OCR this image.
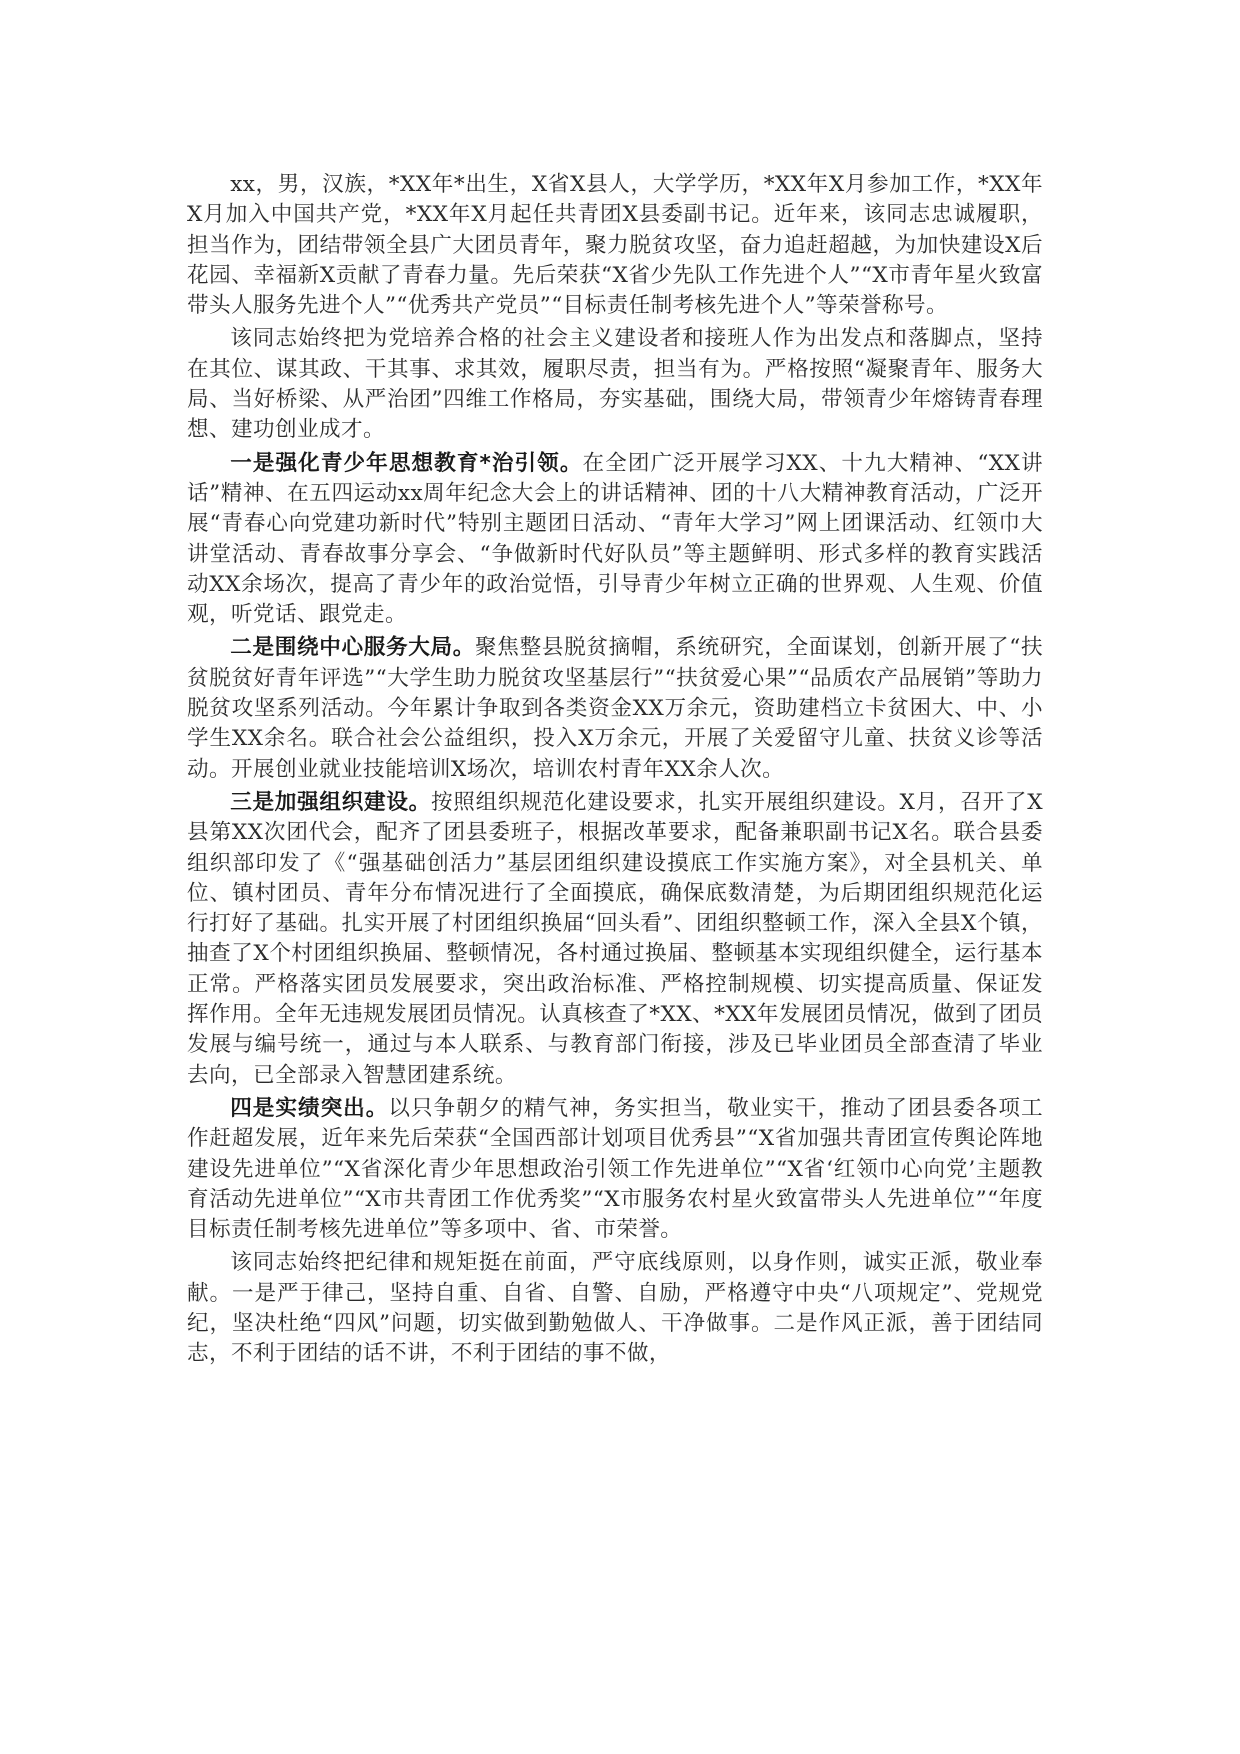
xx，男，汉族，*XX年*出生，X省X县人，大学学历，*XX年X月参加工作，*XX年X月加入中国共产党，*XX年X月起任共青团X县委副书记。近年来，该同志忠诚履职，担当作为，团结带领全县广大团员青年，聚力脱贫攻坚，奋力追赶超越，为加快建设X后花园、幸福新X贡献了青春力量。先后荣获“X省少先队工作先进个人”“X市青年星火致富带头人服务先进个人”“优秀共产党员”“目标责任制考核先进个人”等荣誉称号。

该同志始终把为党培养合格的社会主义建设者和接班人作为出发点和落脚点，坚持在其位、谋其政、干其事、求其效，履职尽责，担当有为。严格按照“凝聚青年、服务大局、当好桥梁、从严治团”四维工作格局，夯实基础，围绕大局，带领青少年熔铸青春理想、建功创业成才。

一是强化青少年思想教育*治引领。在全团广泛开展学习XX、十九大精神、“XX讲话”精神、在五四运动xx周年纪念大会上的讲话精神、团的十八大精神教育活动，广泛开展“青春心向党建功新时代”特别主题团日活动、“青年大学习”网上团课活动、红领巾大讲堂活动、青春故事分享会、“争做新时代好队员”等主题鲜明、形式多样的教育实践活动XX余场次，提高了青少年的政治觉悟，引导青少年树立正确的世界观、人生观、价值观，听党话、跟党走。

二是围绕中心服务大局。聚焦整县脱贫摘帽，系统研究，全面谋划，创新开展了“扶贫脱贫好青年评选”“大学生助力脱贫攻坚基层行”“扶贫爱心果”“品质农产品展销”等助力脱贫攻坚系列活动。今年累计争取到各类资金XX万余元，资助建档立卡贫困大、中、小学生XX余名。联合社会公益组织，投入X万余元，开展了关爱留守儿童、扶贫义诊等活动。开展创业就业技能培训X场次，培训农村青年XX余人次。

三是加强组织建设。按照组织规范化建设要求，扎实开展组织建设。X月，召开了X县第XX次团代会，配齐了团县委班子，根据改革要求，配备兼职副书记X名。联合县委组织部印发了《“强基础创活力”基层团组织建设摸底工作实施方案》，对全县机关、单位、镇村团员、青年分布情况进行了全面摸底，确保底数清楚，为后期团组织规范化运行打好了基础。扎实开展了村团组织换届“回头看”、团组织整顿工作，深入全县X个镇，抽查了X个村团组织换届、整顿情况，各村通过换届、整顿基本实现组织健全，运行基本正常。严格落实团员发展要求，突出政治标准、严格控制规模、切实提高质量、保证发挥作用。全年无违规发展团员情况。认真核查了*XX、*XX年发展团员情况，做到了团员发展与编号统一，通过与本人联系、与教育部门衔接，涉及已毕业团员全部查清了毕业去向，已全部录入智慧团建系统。

四是实绩突出。以只争朝夕的精气神，务实担当，敬业实干，推动了团县委各项工作赶超发展，近年来先后荣获“全国西部计划项目优秀县”“X省加强共青团宣传舆论阵地建设先进单位”“X省深化青少年思想政治引领工作先进单位”“X省‘红领巾心向党’主题教育活动先进单位”“X市共青团工作优秀奖”“X市服务农村星火致富带头人先进单位”“年度目标责任制考核先进单位”等多项中、省、市荣誉。

该同志始终把纪律和规矩挺在前面，严守底线原则，以身作则，诚实正派，敬业奉献。一是严于律己，坚持自重、自省、自警、自励，严格遵守中央“八项规定”、党规党纪，坚决杜绝“四风”问题，切实做到勤勉做人、干净做事。二是作风正派，善于团结同志，不利于团结的话不讲，不利于团结的事不做，
